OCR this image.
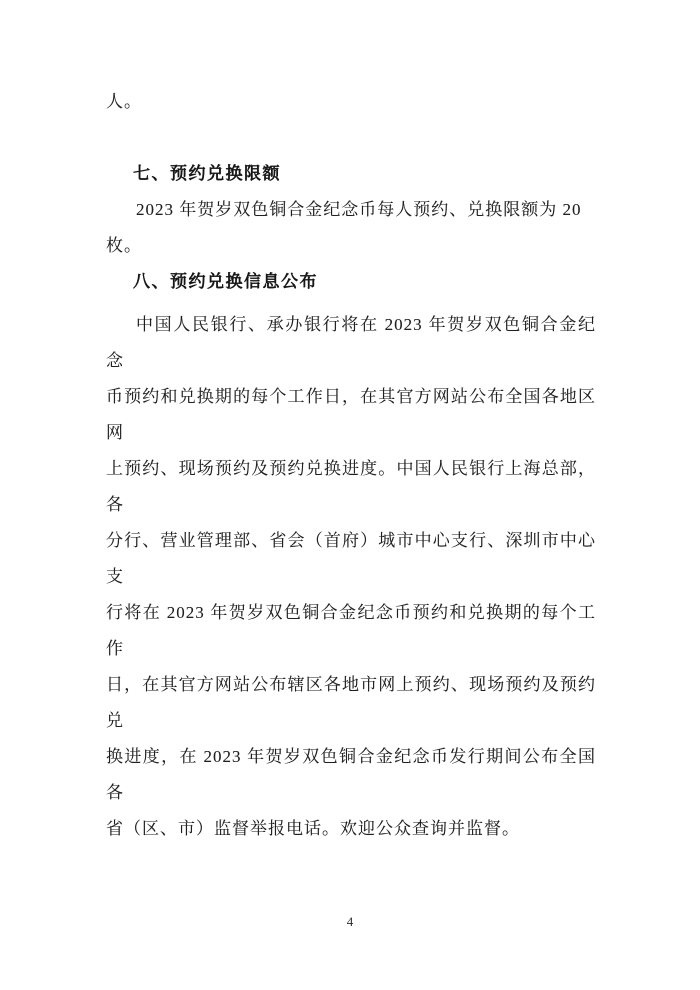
人。

七、预约兑换限额

2023 年贺岁双色铜合金纪念币每人预约、兑换限额为 20 枚。

八、预约兑换信息公布

中国人民银行、承办银行将在 2023 年贺岁双色铜合金纪念

币预约和兑换期的每个工作日，在其官方网站公布全国各地区网

上预约、现场预约及预约兑换进度。中国人民银行上海总部，各

分行、营业管理部、省会（首府）城市中心支行、深圳市中心支

行将在 2023 年贺岁双色铜合金纪念币预约和兑换期的每个工作

日，在其官方网站公布辖区各地市网上预约、现场预约及预约兑

换进度，在 2023 年贺岁双色铜合金纪念币发行期间公布全国各

省（区、市）监督举报电话。欢迎公众查询并监督。

4
